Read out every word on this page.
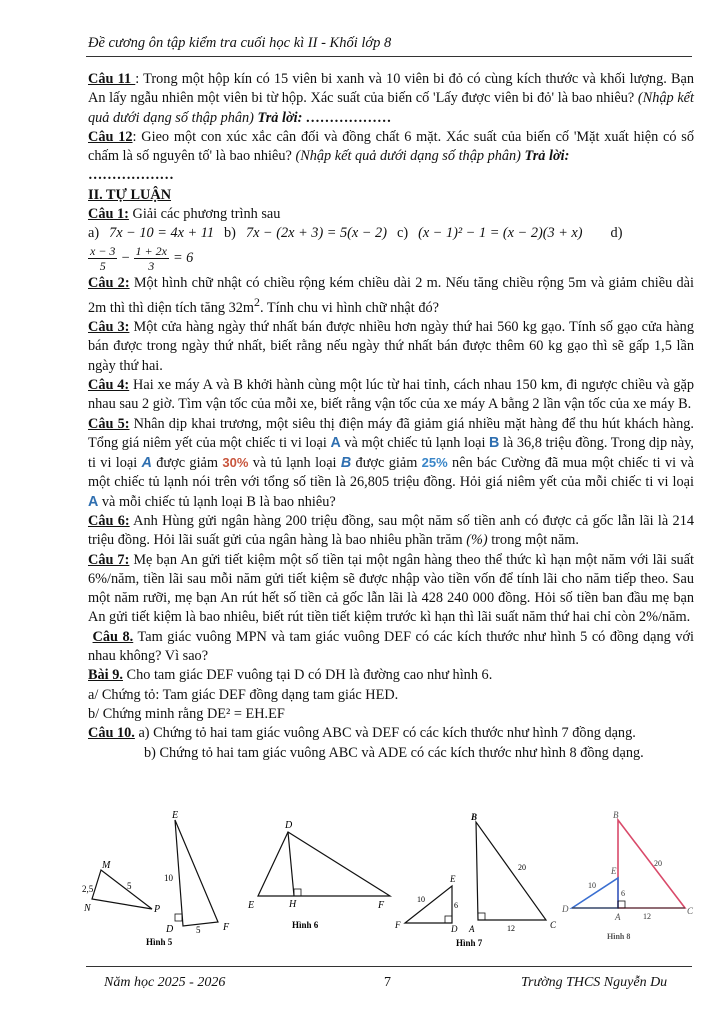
Đề cương ôn tập kiểm tra cuối học kì II - Khối lớp 8

Câu 11 : Trong một hộp kín có 15 viên bi xanh và 10 viên bi đỏ có cùng kích thước và khối lượng. Bạn An lấy ngẫu nhiên một viên bi từ hộp. Xác suất của biến cố 'Lấy được viên bi đỏ' là bao nhiêu? (Nhập kết quả dưới dạng số thập phân) Trả lời: ………………

Câu 12: Gieo một con xúc xắc cân đối và đồng chất 6 mặt. Xác suất của biến cố 'Mặt xuất hiện có số chấm là số nguyên tố' là bao nhiêu? (Nhập kết quả dưới dạng số thập phân) Trả lời:
………………

II. TỰ LUẬN

Câu 1: Giải các phương trình sau

a) 7x − 10 = 4x + 11 b) 7x − (2x + 3) = 5(x − 2) c) (x − 1)² − 1 = (x − 2)(3 + x) d)

$\frac{x - 3}{5} - \frac{1 + 2x}{3} = 6$

Câu 2: Một hình chữ nhật có chiều rộng kém chiều dài 2 m. Nếu tăng chiều rộng 5m và giảm chiều dài 2m thì thì diện tích tăng $32m^2$. Tính chu vi hình chữ nhật đó?

Câu 3: Một cửa hàng ngày thứ nhất bán được nhiều hơn ngày thứ hai 560 kg gạo. Tính số gạo cửa hàng bán được trong ngày thứ nhất, biết rằng nếu ngày thứ nhất bán được thêm 60 kg gạo thì sẽ gấp 1,5 lần ngày thứ hai.

Câu 4: Hai xe máy A và B khởi hành cùng một lúc từ hai tỉnh, cách nhau 150 km, đi ngược chiều và gặp nhau sau 2 giờ. Tìm vận tốc của mỗi xe, biết rằng vận tốc của xe máy A bằng 2 lần vận tốc của xe máy B.

Câu 5: Nhân dịp khai trương, một siêu thị điện máy đã giảm giá nhiều mặt hàng để thu hút khách hàng. Tổng giá niêm yết của một chiếc ti vi loại A và một chiếc tủ lạnh loại B là 36,8 triệu đồng. Trong dịp này, ti vi loại A được giảm 30% và tủ lạnh loại B được giảm 25% nên bác Cường đã mua một chiếc ti vi và một chiếc tủ lạnh nói trên với tổng số tiền là 26,805 triệu đồng. Hỏi giá niêm yết của mỗi chiếc ti vi loại A và mỗi chiếc tủ lạnh loại B là bao nhiêu?

Câu 6: Anh Hùng gửi ngân hàng 200 triệu đồng, sau một năm số tiền anh có được cả gốc lẫn lãi là 214 triệu đồng. Hỏi lãi suất gửi của ngân hàng là bao nhiêu phần trăm (%) trong một năm.

Câu 7: Mẹ bạn An gửi tiết kiệm một số tiền tại một ngân hàng theo thể thức kì hạn một năm với lãi suất 6%/năm, tiền lãi sau mỗi năm gửi tiết kiệm sẽ được nhập vào tiền vốn để tính lãi cho năm tiếp theo. Sau một năm rưỡi, mẹ bạn An rút hết số tiền cả gốc lẫn lãi là 428 240 000 đồng. Hỏi số tiền ban đầu mẹ bạn An gửi tiết kiệm là bao nhiêu, biết rút tiền tiết kiệm trước kì hạn thì lãi suất năm thứ hai chỉ còn 2%/năm.

Câu 8. Tam giác vuông MPN và tam giác vuông DEF có các kích thước như hình 5 có đồng dạng với nhau không? Vì sao?

Bài 9. Cho tam giác DEF vuông tại D có DH là đường cao như hình 6.

a/ Chứng tỏ: Tam giác DEF đồng dạng tam giác HED.

b/ Chứng minh rằng DE² = EH.EF

Câu 10. a) Chứng tỏ hai tam giác vuông ABC và DEF có các kích thước như hình 7 đồng dạng.

b) Chứng tỏ hai tam giác vuông ABC và ADE có các kích thước như hình 8 đồng dạng.

M
N	P
2,5	5
E
D	F
10
5
Hình 5
D
E	H	F
Hình 6
E
F	D
10
6
B
A	C
20
12
Hình 7
B
E
D
A
C
10
6
20
12
Hình 8
Năm học 2025 - 2026	7	Trường THCS Nguyễn Du
